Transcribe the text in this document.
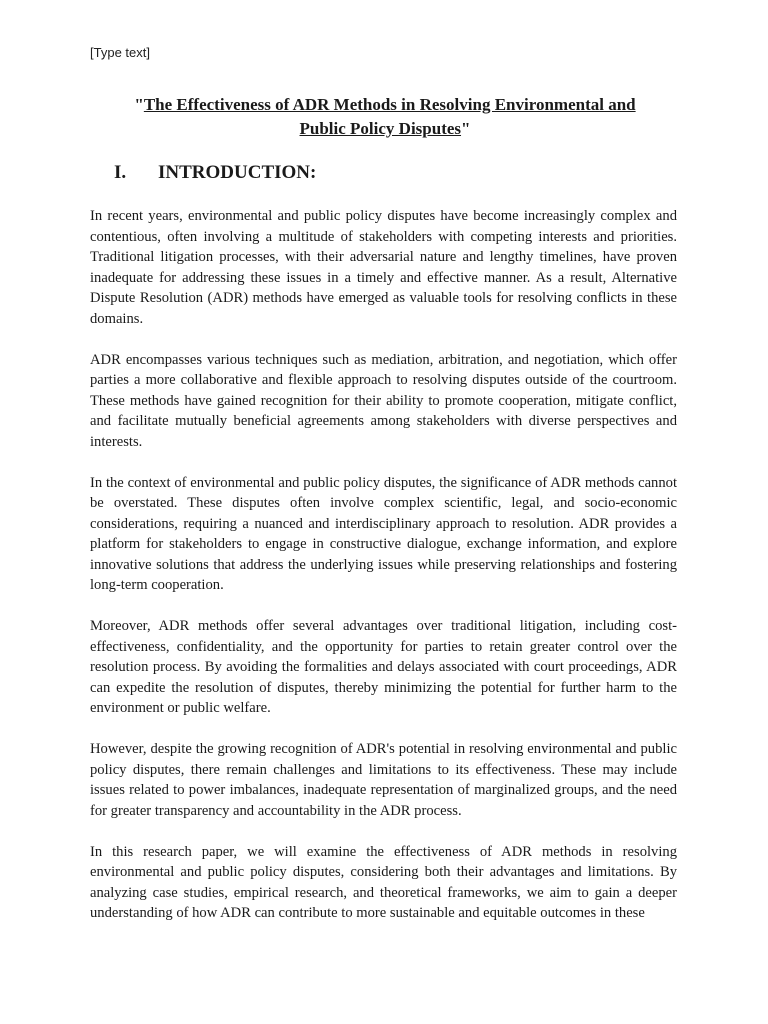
[Type text]
"The Effectiveness of ADR Methods in Resolving Environmental and
Public Policy Disputes"
I. INTRODUCTION:

In recent years, environmental and public policy disputes have become increasingly complex and contentious, often involving a multitude of stakeholders with competing interests and priorities. Traditional litigation processes, with their adversarial nature and lengthy timelines, have proven inadequate for addressing these issues in a timely and effective manner. As a result, Alternative Dispute Resolution (ADR) methods have emerged as valuable tools for resolving conflicts in these domains.

ADR encompasses various techniques such as mediation, arbitration, and negotiation, which offer parties a more collaborative and flexible approach to resolving disputes outside of the courtroom. These methods have gained recognition for their ability to promote cooperation, mitigate conflict, and facilitate mutually beneficial agreements among stakeholders with diverse perspectives and interests.

In the context of environmental and public policy disputes, the significance of ADR methods cannot be overstated. These disputes often involve complex scientific, legal, and socio-economic considerations, requiring a nuanced and interdisciplinary approach to resolution. ADR provides a platform for stakeholders to engage in constructive dialogue, exchange information, and explore innovative solutions that address the underlying issues while preserving relationships and fostering long-term cooperation.

Moreover, ADR methods offer several advantages over traditional litigation, including cost-effectiveness, confidentiality, and the opportunity for parties to retain greater control over the resolution process. By avoiding the formalities and delays associated with court proceedings, ADR can expedite the resolution of disputes, thereby minimizing the potential for further harm to the environment or public welfare.

However, despite the growing recognition of ADR's potential in resolving environmental and public policy disputes, there remain challenges and limitations to its effectiveness. These may include issues related to power imbalances, inadequate representation of marginalized groups, and the need for greater transparency and accountability in the ADR process.

In this research paper, we will examine the effectiveness of ADR methods in resolving environmental and public policy disputes, considering both their advantages and limitations. By analyzing case studies, empirical research, and theoretical frameworks, we aim to gain a deeper understanding of how ADR can contribute to more sustainable and equitable outcomes in these
